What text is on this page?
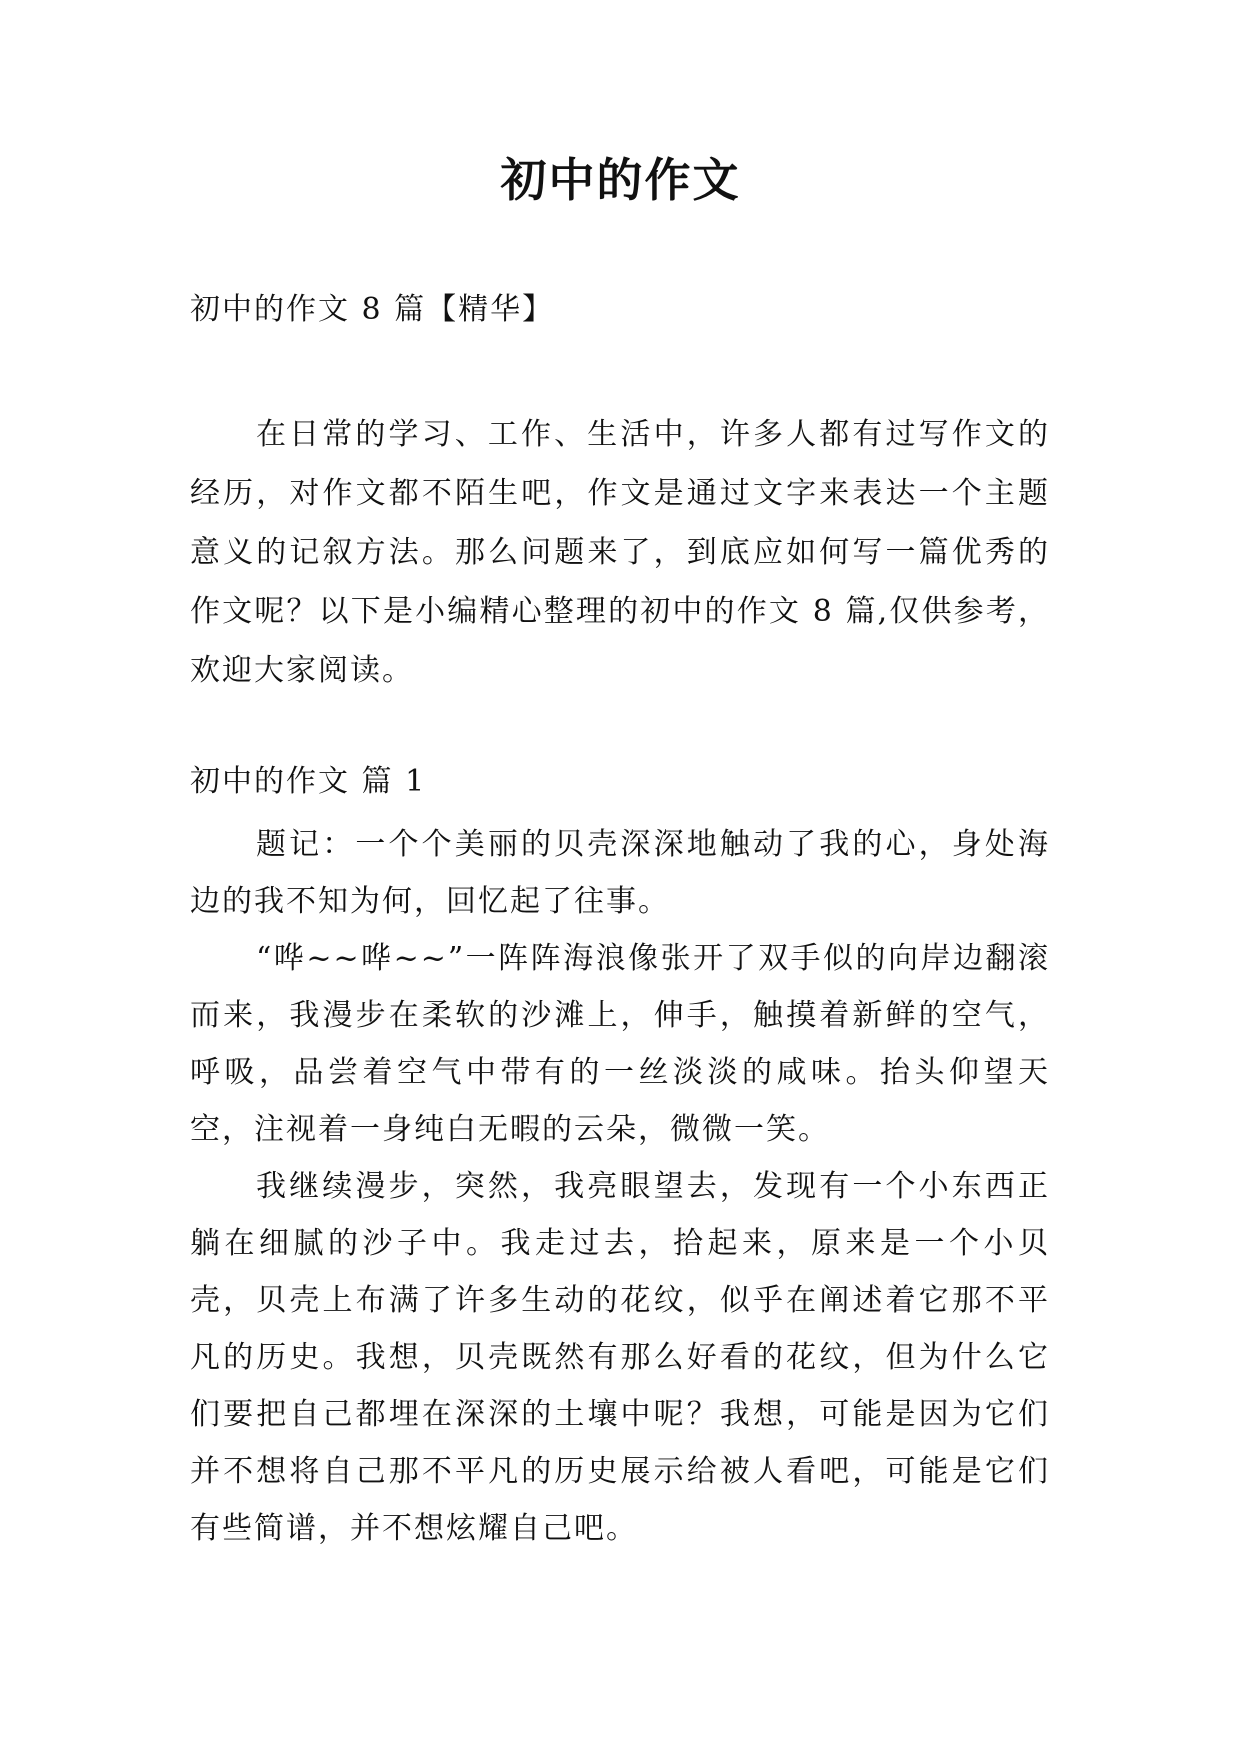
初中的作文
初中的作文 8 篇【精华】

在日常的学习、工作、生活中，许多人都有过写作文的经历，对作文都不陌生吧，作文是通过文字来表达一个主题意义的记叙方法。那么问题来了，到底应如何写一篇优秀的作文呢？以下是小编精心整理的初中的作文 8 篇,仅供参考，欢迎大家阅读。

初中的作文 篇 1

题记：一个个美丽的贝壳深深地触动了我的心，身处海边的我不知为何，回忆起了往事。

“哗~~哗~~”一阵阵海浪像张开了双手似的向岸边翻滚而来，我漫步在柔软的沙滩上，伸手，触摸着新鲜的空气，呼吸，品尝着空气中带有的一丝淡淡的咸味。抬头仰望天空，注视着一身纯白无暇的云朵，微微一笑。

我继续漫步，突然，我亮眼望去，发现有一个小东西正躺在细腻的沙子中。我走过去，拾起来，原来是一个小贝壳，贝壳上布满了许多生动的花纹，似乎在阐述着它那不平凡的历史。我想，贝壳既然有那么好看的花纹，但为什么它们要把自己都埋在深深的土壤中呢？我想，可能是因为它们并不想将自己那不平凡的历史展示给被人看吧，可能是它们有些简谱，并不想炫耀自己吧。
